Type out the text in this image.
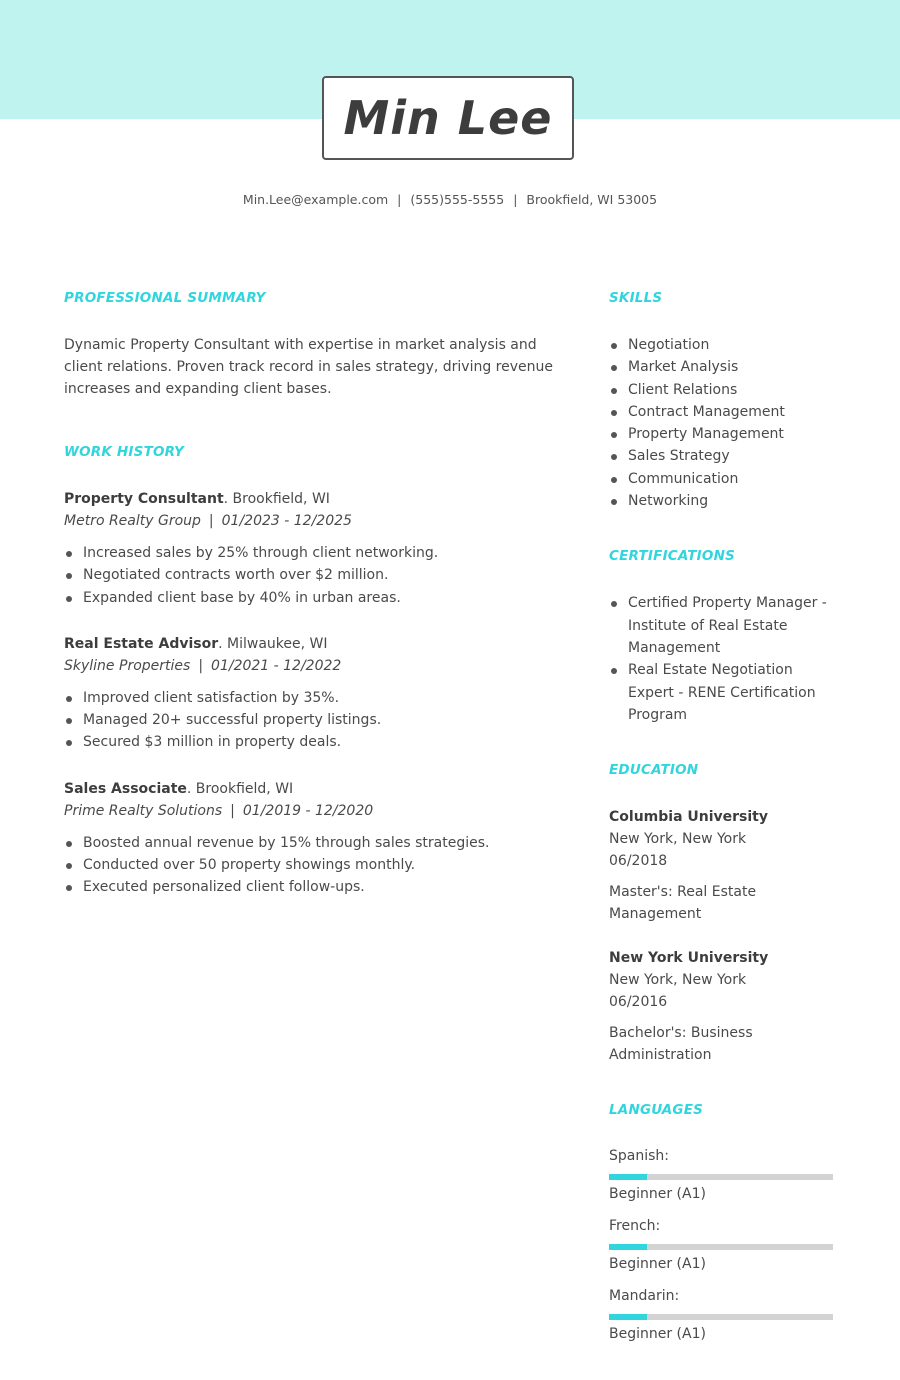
Min Lee
Min.Lee@example.com | (555)555-5555 | Brookfield, WI 53005
PROFESSIONAL SUMMARY
Dynamic Property Consultant with expertise in market analysis and client relations. Proven track record in sales strategy, driving revenue increases and expanding client bases.
WORK HISTORY
Property Consultant. Brookfield, WI
Metro Realty Group | 01/2023 - 12/2025
Increased sales by 25% through client networking.
Negotiated contracts worth over $2 million.
Expanded client base by 40% in urban areas.
Real Estate Advisor. Milwaukee, WI
Skyline Properties | 01/2021 - 12/2022
Improved client satisfaction by 35%.
Managed 20+ successful property listings.
Secured $3 million in property deals.
Sales Associate. Brookfield, WI
Prime Realty Solutions | 01/2019 - 12/2020
Boosted annual revenue by 15% through sales strategies.
Conducted over 50 property showings monthly.
Executed personalized client follow-ups.
SKILLS
Negotiation
Market Analysis
Client Relations
Contract Management
Property Management
Sales Strategy
Communication
Networking
CERTIFICATIONS
Certified Property Manager - Institute of Real Estate Management
Real Estate Negotiation Expert - RENE Certification Program
EDUCATION
Columbia University
New York, New York
06/2018
Master's: Real Estate Management
New York University
New York, New York
06/2016
Bachelor's: Business Administration
LANGUAGES
Spanish:
Beginner (A1)
French:
Beginner (A1)
Mandarin:
Beginner (A1)
